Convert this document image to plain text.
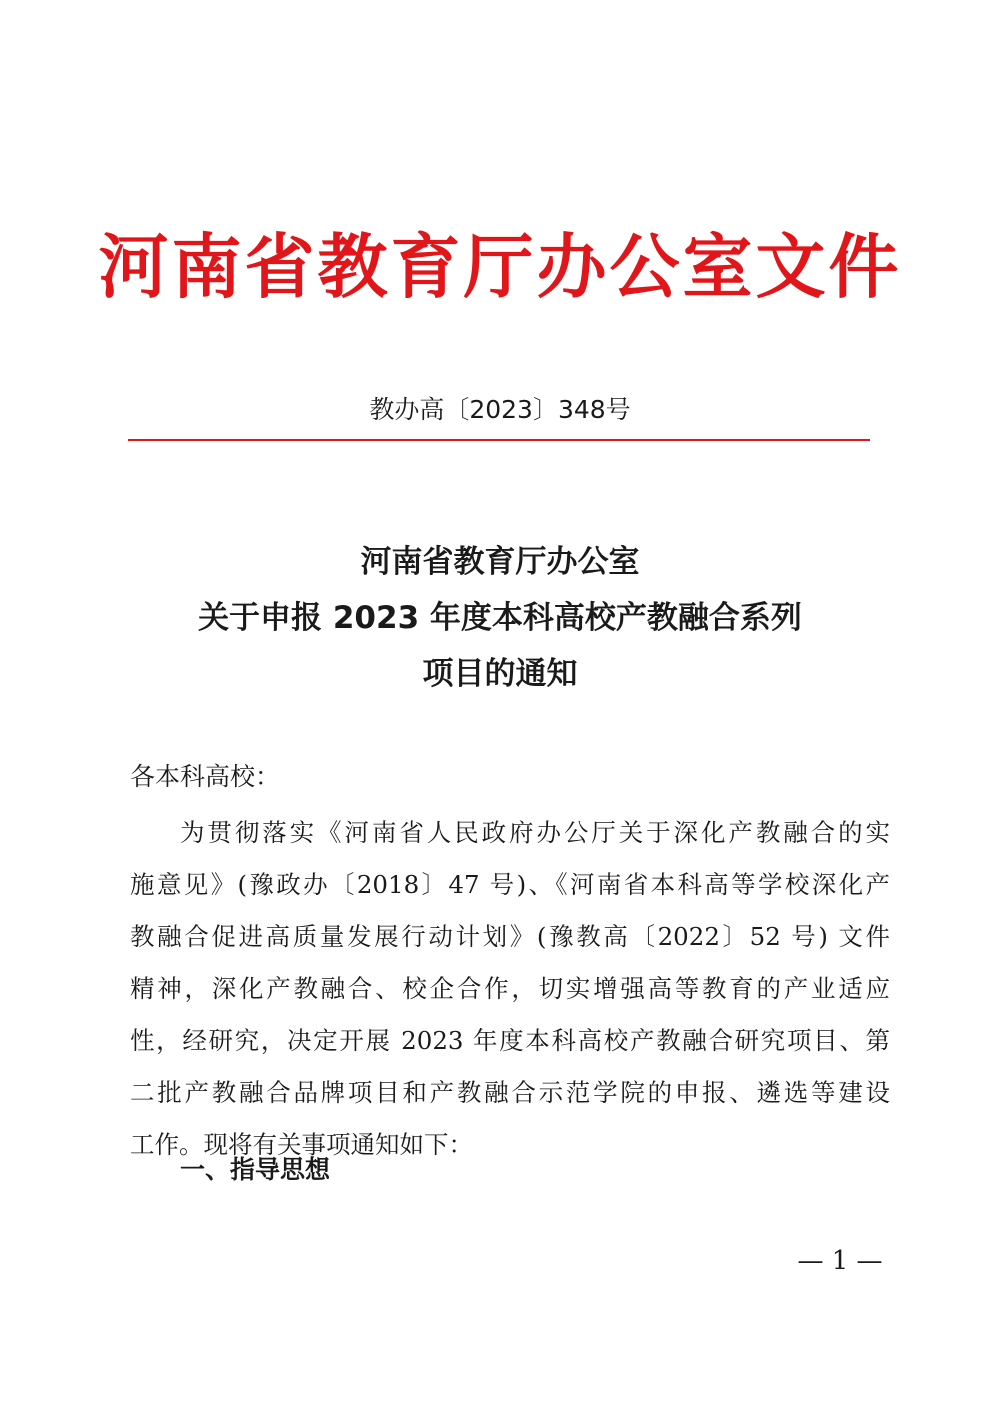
河南省教育厅办公室文件
教办高〔2023〕348号
河南省教育厅办公室
关于申报 2023 年度本科高校产教融合系列
项目的通知
各本科高校：
为贯彻落实《河南省人民政府办公厅关于深化产教融合的实
施意见》(豫政办〔2018〕47 号)、《河南省本科高等学校深化产
教融合促进高质量发展行动计划》(豫教高〔2022〕52 号) 文件
精神，深化产教融合、校企合作，切实增强高等教育的产业适应
性，经研究，决定开展 2023 年度本科高校产教融合研究项目、第
二批产教融合品牌项目和产教融合示范学院的申报、遴选等建设
工作。现将有关事项通知如下：
一、指导思想
— 1 —
